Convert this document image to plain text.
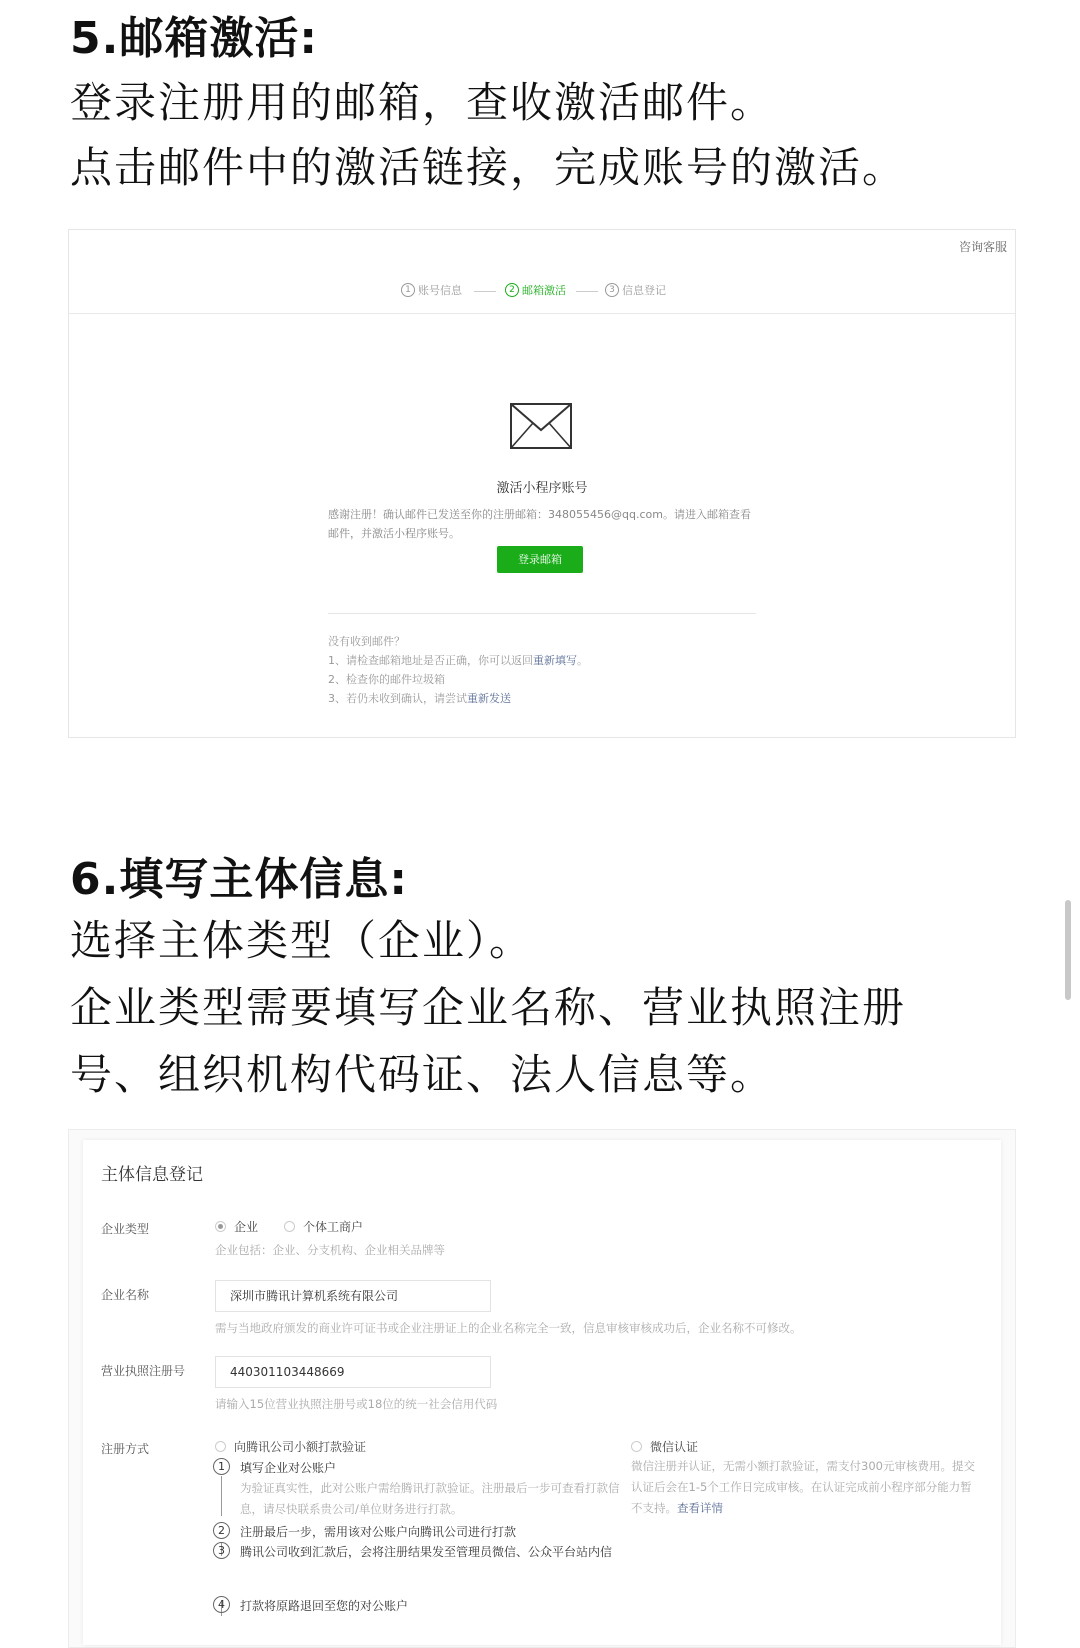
5.邮箱激活:
登录注册用的邮箱，查收激活邮件。
点击邮件中的激活链接，完成账号的激活。
咨询客服
1 账号信息	2 邮箱激活	3 信息登记
激活小程序账号
感谢注册！确认邮件已发送至你的注册邮箱：348055456@qq.com。请进入邮箱查看邮件，并激活小程序账号。
登录邮箱
没有收到邮件？
1、请检查邮箱地址是否正确，你可以返回重新填写。
2、检查你的邮件垃圾箱
3、若仍未收到确认，请尝试重新发送
6.填写主体信息:
选择主体类型（企业）。
企业类型需要填写企业名称、营业执照注册
号、组织机构代码证、法人信息等。
主体信息登记
企业类型	企业	个体工商户
企业包括：企业、分支机构、企业相关品牌等
企业名称	深圳市腾讯计算机系统有限公司
需与当地政府颁发的商业许可证书或企业注册证上的企业名称完全一致，信息审核审核成功后，企业名称不可修改。
营业执照注册号	440301103448669
请输入15位营业执照注册号或18位的统一社会信用代码
注册方式	向腾讯公司小额打款验证
1	填写企业对公账户
为验证真实性，此对公账户需给腾讯打款验证。注册最后一步可查看打款信息，请尽快联系贵公司/单位财务进行打款。
2	注册最后一步，需用该对公账户向腾讯公司进行打款
3	腾讯公司收到汇款后，会将注册结果发至管理员微信、公众平台站内信
4	打款将原路退回至您的对公账户
微信认证
微信注册并认证，无需小额打款验证，需支付300元审核费用。提交认证后会在1-5个工作日完成审核。在认证完成前小程序部分能力暂不支持。查看详情
